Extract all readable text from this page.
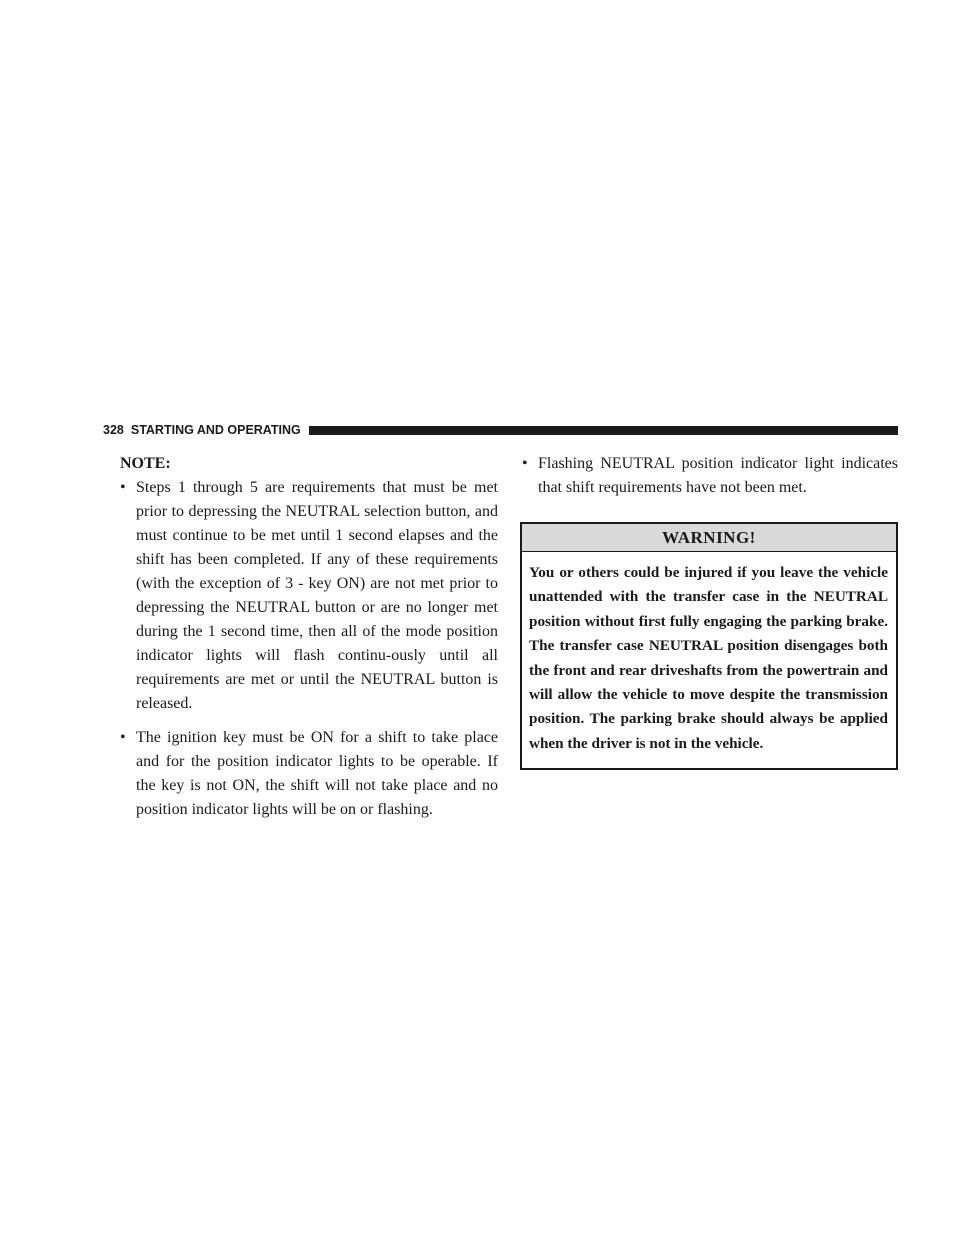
328 STARTING AND OPERATING

NOTE:

• Steps 1 through 5 are requirements that must be met prior to depressing the NEUTRAL selection button, and must continue to be met until 1 second elapses and the shift has been completed. If any of these requirements (with the exception of 3 - key ON) are not met prior to depressing the NEUTRAL button or are no longer met during the 1 second time, then all of the mode position indicator lights will flash continu-ously until all requirements are met or until the NEUTRAL button is released.
• The ignition key must be ON for a shift to take place and for the position indicator lights to be operable. If the key is not ON, the shift will not take place and no position indicator lights will be on or flashing.
• Flashing NEUTRAL position indicator light indicates that shift requirements have not been met.
WARNING!
You or others could be injured if you leave the vehicle unattended with the transfer case in the NEUTRAL position without first fully engaging the parking brake. The transfer case NEUTRAL position disengages both the front and rear driveshafts from the powertrain and will allow the vehicle to move despite the transmission position. The parking brake should always be applied when the driver is not in the vehicle.
